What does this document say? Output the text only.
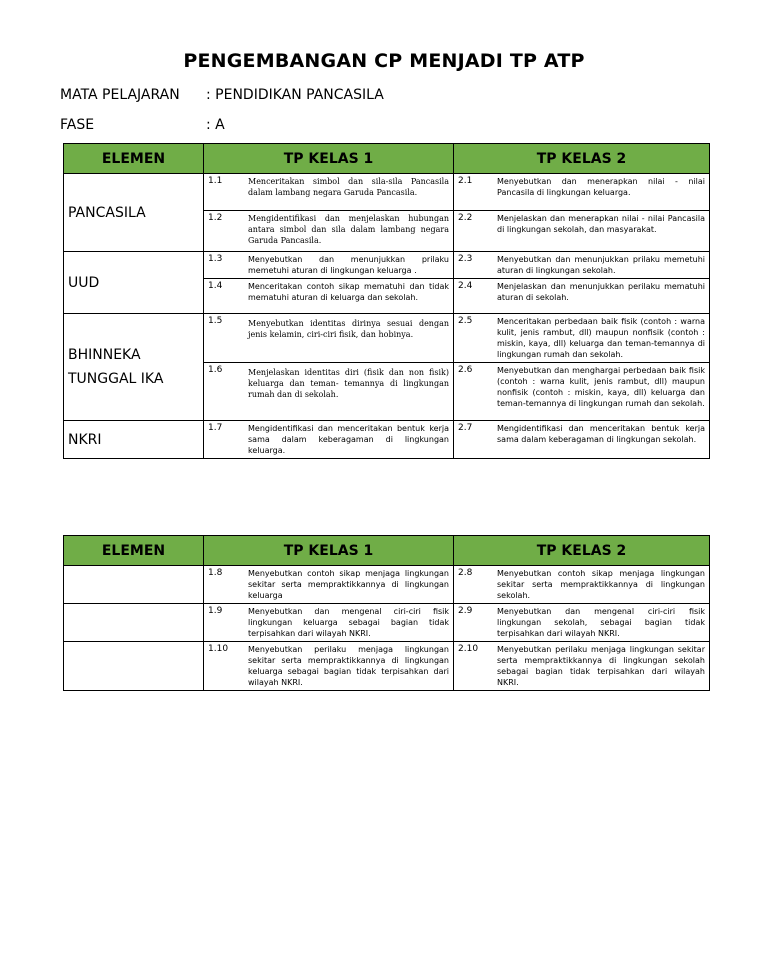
PENGEMBANGAN CP MENJADI TP ATP
MATA PELAJARAN : PENDIDIKAN PANCASILA
FASE	: A
ELEMEN	TP KELAS 1	TP KELAS 2
PANCASILA	1.1 Menceritakan simbol dan sila-sila Pancasila dalam lambang negara Garuda Pancasila.	2.1 Menyebutkan dan menerapkan nilai - nilai Pancasila di lingkungan keluarga.

	1.2 Mengidentifikasi dan menjelaskan hubungan antara simbol dan sila dalam lambang negara Garuda Pancasila.	2.2 Menjelaskan dan menerapkan nilai - nilai Pancasila di lingkungan sekolah, dan masyarakat.

UUD	1.3 Menyebutkan dan menunjukkan prilaku memetuhi aturan di lingkungan keluarga .	2.3 Menyebutkan dan menunjukkan prilaku memetuhi aturan di lingkungan sekolah.

	1.4 Menceritakan contoh sikap mematuhi dan tidak mematuhi aturan di keluarga dan sekolah.	2.4 Menjelaskan dan menunjukkan perilaku mematuhi aturan di sekolah.

BHINNEKA TUNGGAL IKA	1.5 Menyebutkan identitas dirinya sesuai dengan jenis kelamin, ciri-ciri fisik, dan hobinya.	2.5 Menceritakan perbedaan baik fisik (contoh : warna kulit, jenis rambut, dll) maupun nonfisik (contoh : miskin, kaya, dll) keluarga dan teman-temannya di lingkungan rumah dan sekolah.

	1.6 Menjelaskan identitas diri (fisik dan non fisik) keluarga dan teman- temannya di lingkungan rumah dan di sekolah.	2.6 Menyebutkan dan menghargai perbedaan baik fisik (contoh : warna kulit, jenis rambut, dll) maupun nonfisik (contoh : miskin, kaya, dll) keluarga dan teman-temannya di lingkungan rumah dan sekolah.

NKRI	1.7 Mengidentifikasi dan menceritakan bentuk kerja sama dalam keberagaman di lingkungan keluarga.	2.7 Mengidentifikasi dan menceritakan bentuk kerja sama dalam keberagaman di lingkungan sekolah.
ELEMEN	TP KELAS 1	TP KELAS 2

	1.8 Menyebutkan contoh sikap menjaga lingkungan sekitar serta mempraktikkannya di lingkungan keluarga	2.8 Menyebutkan contoh sikap menjaga lingkungan sekitar serta mempraktikkannya di lingkungan sekolah.

	1.9 Menyebutkan dan mengenal ciri-ciri fisik lingkungan keluarga sebagai bagian tidak terpisahkan dari wilayah NKRI.	2.9 Menyebutkan dan mengenal ciri-ciri fisik lingkungan sekolah, sebagai bagian tidak terpisahkan dari wilayah NKRI.

	1.10 Menyebutkan perilaku menjaga lingkungan sekitar serta mempraktikkannya di lingkungan keluarga sebagai bagian tidak terpisahkan dari wilayah NKRI.	2.10 Menyebutkan perilaku menjaga lingkungan sekitar serta mempraktikkannya di lingkungan sekolah sebagai bagian tidak terpisahkan dari wilayah NKRI.
